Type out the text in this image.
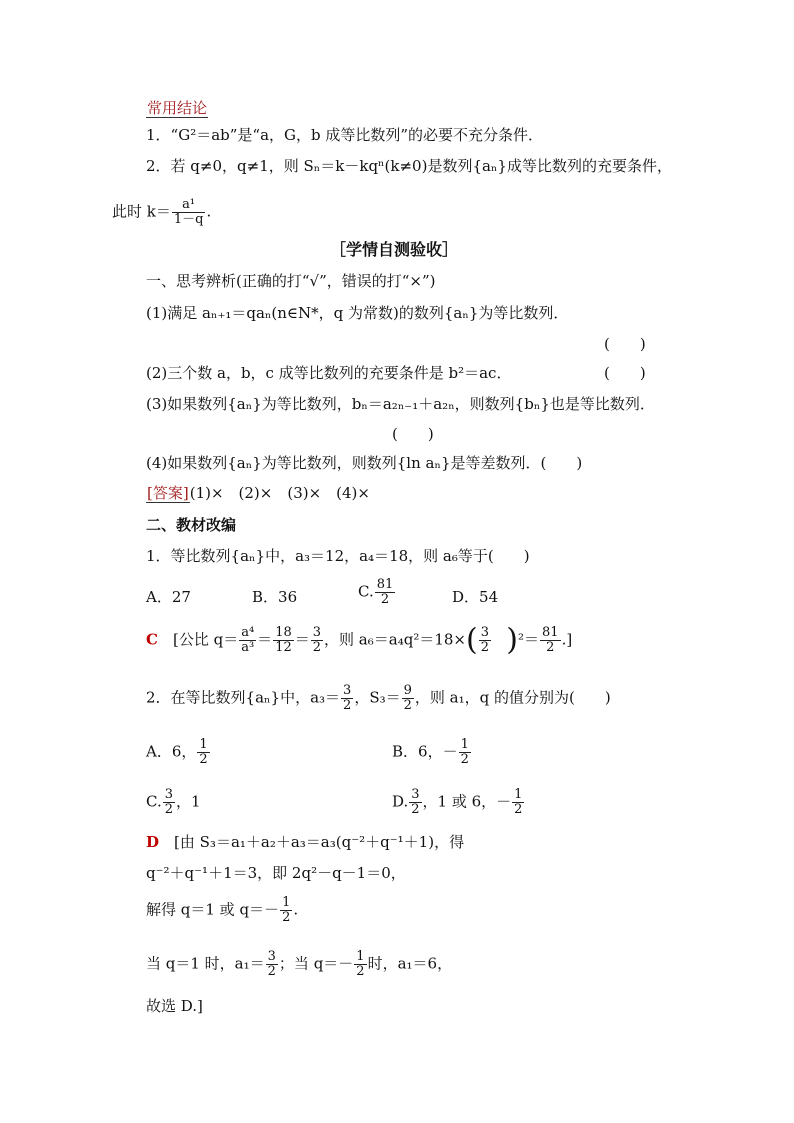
常用结论
1．“G²＝ab”是“a，G，b 成等比数列”的必要不充分条件．
2．若 q≠0，q≠1，则 Sₙ＝k－kqⁿ(k≠0)是数列{aₙ}成等比数列的充要条件，
此时 $k= \frac{\text{a¹}}{1-q}$ .
［学情自测验收］
一、思考辨析(正确的打“√”，错误的打“×”)
(1)满足 aₙ₊₁＝qaₙ(n∈N*，q 为常数)的数列{aₙ}为等比数列．
(　　)
(2)三个数 a，b，c 成等比数列的充要条件是 b²＝ac．	(　　)
(3)如果数列{aₙ}为等比数列，bₙ＝a₂ₙ₋₁＋a₂ₙ，则数列{bₙ}也是等比数列．
(　　)
(4)如果数列{aₙ}为等比数列，则数列{ln aₙ}是等差数列．(　　)
[答案](1)×　(2)×　(3)×　(4)×
二、教材改编
1．等比数列{aₙ}中，a₃＝12，a₄＝18，则 a₆等于(　　)
A．27	B．36	C. $\frac{81}{2}$	D．54
C　 [公比 $q= \frac{\text{a⁴}}{\text{a³}} = \frac{18}{12} = \frac{3}{2}$ ，则 $a_6=a_4q^2=18\times( \frac{3}{2} )^2= \frac{81}{2}$ .]
2．在等比数列{aₙ}中，$a_3= \frac{3}{2}$ ，$S_3= \frac{9}{2}$ ，则 a₁，q 的值分别为(　　)
A．6， $\frac{1}{2}$	B．6，－ $\frac{1}{2}$
C. $\frac{3}{2}$ ，1	D. $\frac{3}{2}$ ，1 或 6，－ $\frac{1}{2}$
D　 [由 S₃＝a₁＋a₂＋a₃＝a₃(q⁻²＋q⁻¹＋1)，得
q⁻²＋q⁻¹＋1＝3，即 2q²－q－1＝0，
解得 q＝1 或 $q=- \frac{1}{2}$ .
当 q＝1 时，$a_1= \frac{3}{2}$ ；当 $q=- \frac{1}{2}$ 时，a₁＝6，
故选 D.]
